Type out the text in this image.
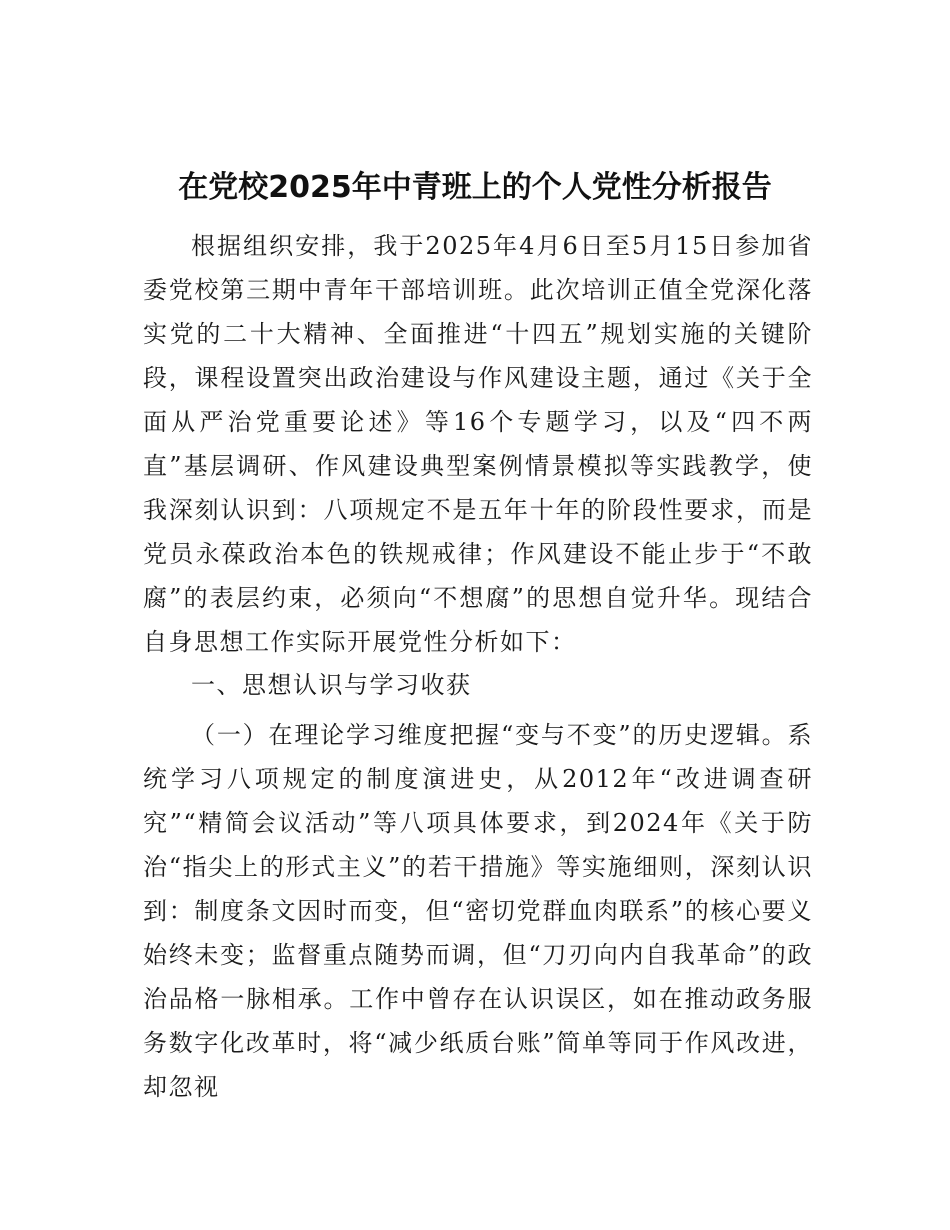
在党校2025年中青班上的个人党性分析报告

根据组织安排，我于2025年4月6日至5月15日参加省委党校第三期中青年干部培训班。此次培训正值全党深化落实党的二十大精神、全面推进“十四五”规划实施的关键阶段，课程设置突出政治建设与作风建设主题，通过《关于全面从严治党重要论述》等16个专题学习，以及“四不两直”基层调研、作风建设典型案例情景模拟等实践教学，使我深刻认识到：八项规定不是五年十年的阶段性要求，而是党员永葆政治本色的铁规戒律；作风建设不能止步于“不敢腐”的表层约束，必须向“不想腐”的思想自觉升华。现结合自身思想工作实际开展党性分析如下：

一、思想认识与学习收获

（一）在理论学习维度把握“变与不变”的历史逻辑。系统学习八项规定的制度演进史，从2012年“改进调查研究”“精简会议活动”等八项具体要求，到2024年《关于防治“指尖上的形式主义”的若干措施》等实施细则，深刻认识到：制度条文因时而变，但“密切党群血肉联系”的核心要义始终未变；监督重点随势而调，但“刀刃向内自我革命”的政治品格一脉相承。工作中曾存在认识误区，如在推动政务服务数字化改革时，将“减少纸质台账”简单等同于作风改进，却忽视
